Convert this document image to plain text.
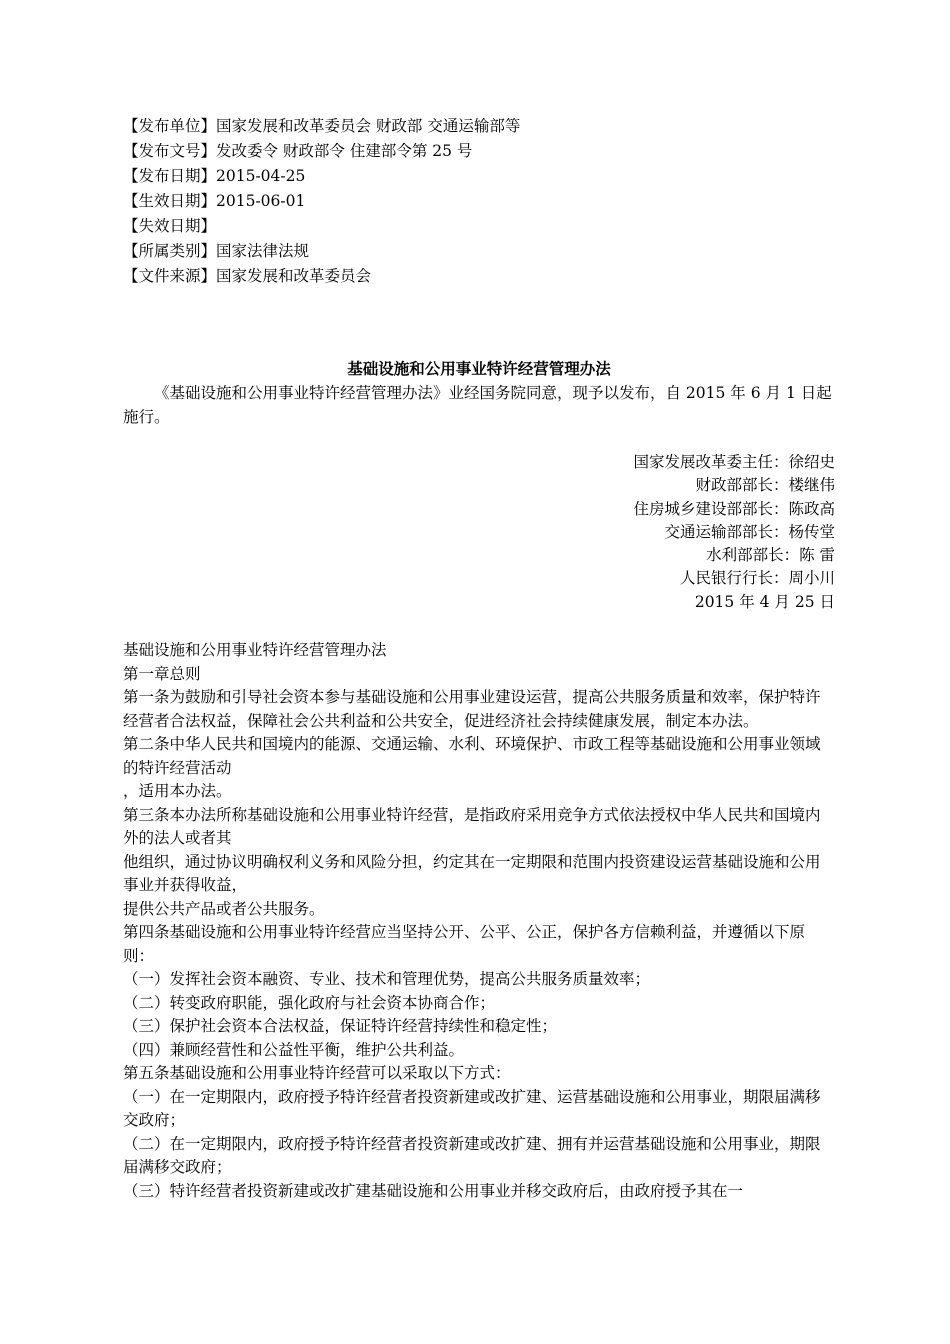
【发布单位】国家发展和改革委员会 财政部 交通运输部等
【发布文号】发改委令 财政部令 住建部令第 25 号
【发布日期】2015-04-25
【生效日期】2015-06-01
【失效日期】
【所属类别】国家法律法规
【文件来源】国家发展和改革委员会
基础设施和公用事业特许经营管理办法
《基础设施和公用事业特许经营管理办法》业经国务院同意，现予以发布，自 2015 年 6 月 1 日起施行。
国家发展改革委主任：徐绍史
财政部部长：楼继伟
住房城乡建设部部长：陈政高
交通运输部部长：杨传堂
水利部部长：陈 雷
人民银行行长：周小川
2015 年 4 月 25 日

基础设施和公用事业特许经营管理办法

第一章总则

第一条为鼓励和引导社会资本参与基础设施和公用事业建设运营，提高公共服务质量和效率，保护特许经营者合法权益，保障社会公共利益和公共安全，促进经济社会持续健康发展，制定本办法。

第二条中华人民共和国境内的能源、交通运输、水利、环境保护、市政工程等基础设施和公用事业领域的特许经营活动

，适用本办法。

第三条本办法所称基础设施和公用事业特许经营，是指政府采用竞争方式依法授权中华人民共和国境内外的法人或者其

他组织，通过协议明确权利义务和风险分担，约定其在一定期限和范围内投资建设运营基础设施和公用事业并获得收益，

提供公共产品或者公共服务。

第四条基础设施和公用事业特许经营应当坚持公开、公平、公正，保护各方信赖利益，并遵循以下原则：

（一）发挥社会资本融资、专业、技术和管理优势，提高公共服务质量效率；

（二）转变政府职能，强化政府与社会资本协商合作；

（三）保护社会资本合法权益，保证特许经营持续性和稳定性；

（四）兼顾经营性和公益性平衡，维护公共利益。

第五条基础设施和公用事业特许经营可以采取以下方式：

（一）在一定期限内，政府授予特许经营者投资新建或改扩建、运营基础设施和公用事业，期限届满移交政府；

（二）在一定期限内，政府授予特许经营者投资新建或改扩建、拥有并运营基础设施和公用事业，期限届满移交政府；

（三）特许经营者投资新建或改扩建基础设施和公用事业并移交政府后，由政府授予其在一
